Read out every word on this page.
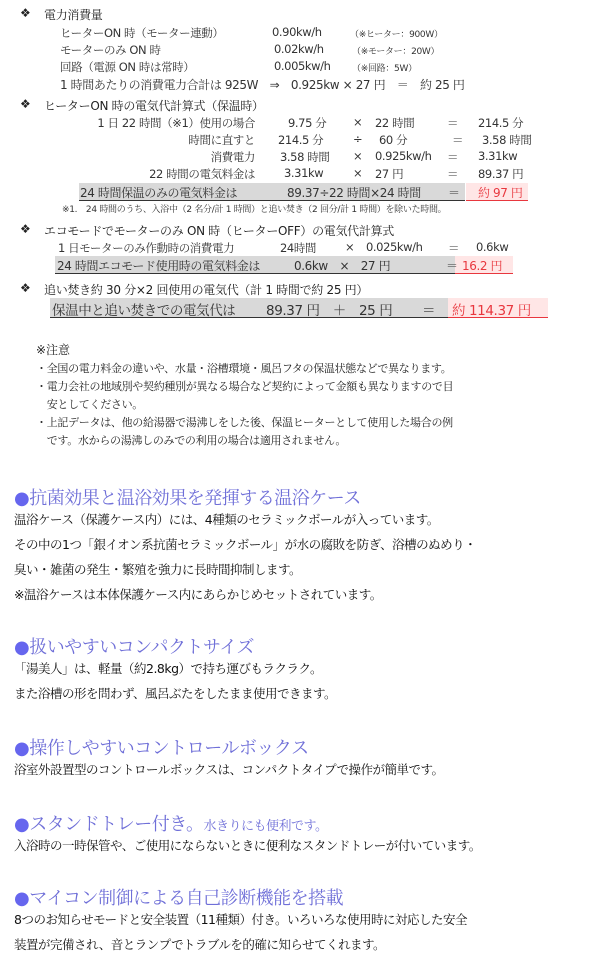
❖ 電力消費量
ヒーターON 時（モーター連動）	0.90kw/h	（※ヒーター：900W）
モーターのみ ON 時	0.02kw/h	（※モーター：20W）
回路（電源 ON 時は常時）	0.005kw/h （※回路：5W）
1 時間あたりの消費電力合計は 925W　⇒　0.925kw × 27 円　＝　約 25 円
❖ ヒーターON 時の電気代計算式（保温時）
1 日 22 時間（※1）使用の場合	9.75 分 × 22 時間	＝ 214.5 分
時間に直すと 214.5 分	÷ 60 分	＝ 3.58 時間
消費電力 3.58 時間 × 0.925kw/h ＝ 3.31kw
22 時間の電気料金は	3.31kw	× 27 円	＝ 89.37 円
24 時間保温のみの電気料金は	89.37÷22 時間×24 時間 ＝ 約 97 円
※1.　24 時間のうち、入浴中（2 名分/計 1 時間）と追い焚き（2 回分/計 1 時間）を除いた時間。
❖ エコモードでモーターのみ ON 時（ヒーターOFF）の電気代計算式
1 日モーターのみ作動時の消費電力	24時間	× 0.025kw/h ＝ 0.6kw
24 時間エコモード使用時の電気料金は	0.6kw　×　27 円	＝ 16.2 円
❖ 追い焚き約 30 分×2 回使用の電気代（計 1 時間で約 25 円）
保温中と追い焚きでの電気代は 89.37 円　＋　25 円 ＝ 約 114.37 円
※注意
・全国の電力料金の違いや、水量・浴槽環境・風呂フタの保温状態などで異なります。
・電力会社の地域別や契約種別が異なる場合など契約によって金額も異なりますので目
　安としてください。
・上記データは、他の給湯器で湯沸しをした後、保温ヒーターとして使用した場合の例
　です。水からの湯沸しのみでの利用の場合は適用されません。
●抗菌効果と温浴効果を発揮する温浴ケース
温浴ケース（保護ケース内）には、4種類のセラミックボールが入っています。
その中の1つ「銀イオン系抗菌セラミックボール」が水の腐敗を防ぎ、浴槽のぬめり・
臭い・雑菌の発生・繁殖を強力に長時間抑制します。
※温浴ケースは本体保護ケース内にあらかじめセットされています。
●扱いやすいコンパクトサイズ
「湯美人」は、軽量（約2.8kg）で持ち運びもラクラク。
また浴槽の形を問わず、風呂ぶたをしたまま使用できます。
●操作しやすいコントロールボックス
浴室外設置型のコントロールボックスは、コンパクトタイプで操作が簡単です。
●スタンドトレー付き。水きりにも便利です。
入浴時の一時保管や、ご使用にならないときに便利なスタンドトレーが付いています。
●マイコン制御による自己診断機能を搭載
8つのお知らせモードと安全装置（11種類）付き。いろいろな使用時に対応した安全
装置が完備され、音とランプでトラブルを的確に知らせてくれます。
